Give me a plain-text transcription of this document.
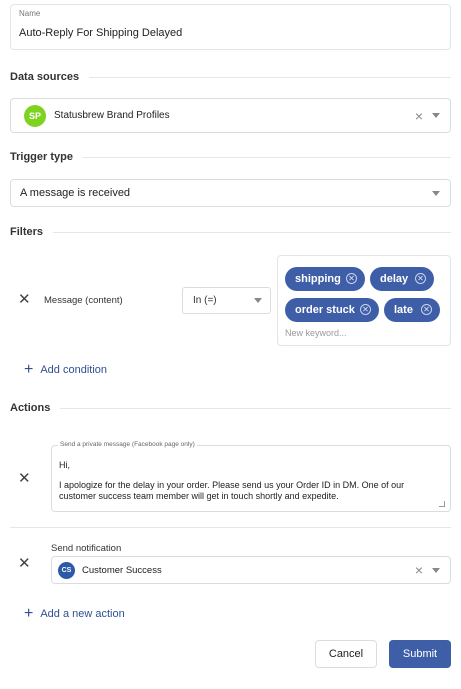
Name
Auto-Reply For Shipping Delayed
Data sources
SP	Statusbrew Brand Profiles	×
Trigger type
A message is received
Filters
✕ Message (content)	In (=)
shipping ✕ delay ✕
order stuck ✕ late ✕
New keyword...
+ Add condition
Actions
✕
Send a private message (Facebook page only)
Hi,
I apologize for the delay in your order. Please send us your Order ID in DM. One of our customer success team member will get in touch shortly and expedite.
✕
Send notification
CS	Customer Success	×
+ Add a new action
Cancel	Submit
